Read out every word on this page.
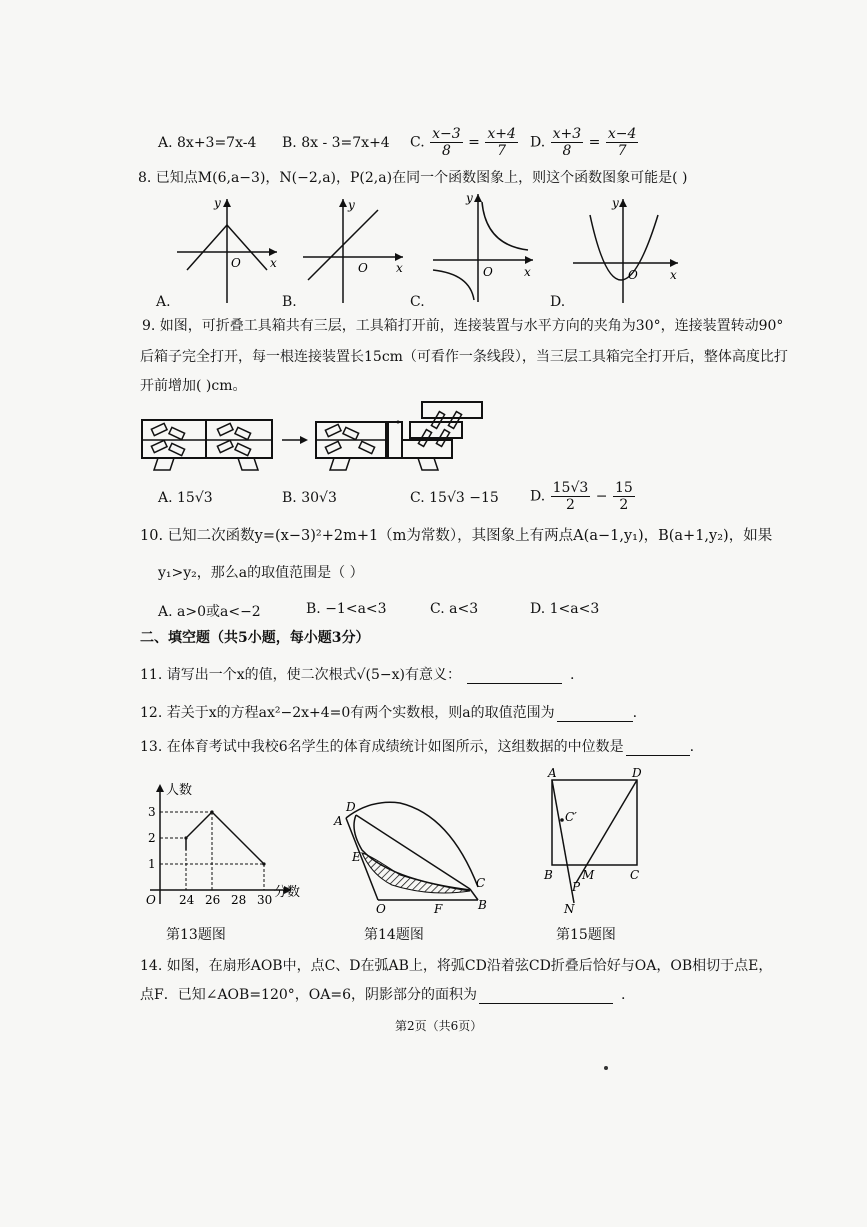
A. 8x+3=7x-4 B. 8x - 3=7x+4 C. $\frac{x-3}{8} = \frac{x+4}{7} D$. $\frac{x+3}{8} = \frac{x-4}{7}$
8. 已知点M(6,a−3)，N(−2,a)，P(2,a)在同一个函数图象上，则这个函数图象可能是( )
y
x
O
A.
y
x
O
B.
y
x
O
C.
y
x
O
D.
9. 如图，可折叠工具箱共有三层，工具箱打开前，连接装置与水平方向的夹角为30°，连接装置转动90°
后箱子完全打开，每一根连接装置长15cm（可看作一条线段），当三层工具箱完全打开后，整体高度比打
开前增加( )cm。
A. 15√3	B. 30√3	C. 15√3 −15 D. $\frac{15√3}{2} - \frac{15}{2}$
10. 已知二次函数y=(x−3)²+2m+1（m为常数），其图象上有两点A(a−1,y₁)，B(a+1,y₂)，如果
y₁>y₂，那么a的取值范围是（ ）
A. a>0或a<−2	B. −1<a<3	C. a<3	D. 1<a<3
二、填空题（共5小题，每小题3分）
11. 请写出一个x的值，使二次根式√(5−x)有意义：	.
12. 若关于x的方程ax²−2x+4=0有两个实数根，则a的取值范围为	.
13. 在体育考试中我校6名学生的体育成绩统计如图所示，这组数据的中位数是	.
人数
分数
O 24 26 28 30
1
2
3
第13题图
D
A
E
O	F
C
B
第14题图
A	D
C′
B M	C
P
N
第15题图
14. 如图，在扇形AOB中，点C、D在弧AB上，将弧CD沿着弦CD折叠后恰好与OA，OB相切于点E，
点F．已知∠AOB=120°，OA=6，阴影部分的面积为	.
第2页（共6页）
